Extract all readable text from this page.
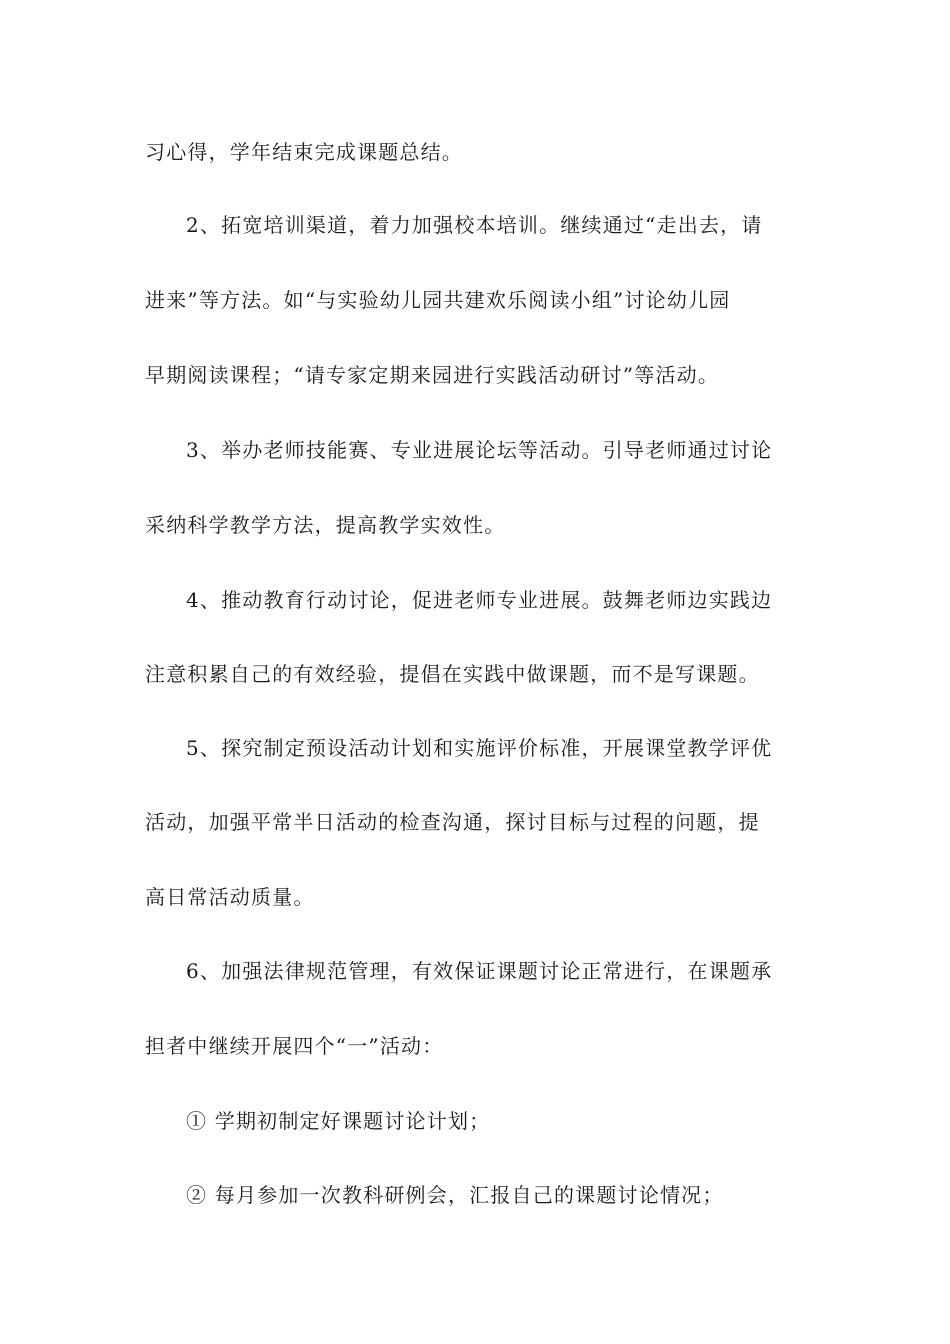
习心得，学年结束完成课题总结。

2、拓宽培训渠道，着力加强校本培训。继续通过“走出去，请

进来”等方法。如“与实验幼儿园共建欢乐阅读小组”讨论幼儿园

早期阅读课程；“请专家定期来园进行实践活动研讨”等活动。

3、举办老师技能赛、专业进展论坛等活动。引导老师通过讨论

采纳科学教学方法，提高教学实效性。

4、推动教育行动讨论，促进老师专业进展。鼓舞老师边实践边

注意积累自己的有效经验，提倡在实践中做课题，而不是写课题。

5、探究制定预设活动计划和实施评价标准，开展课堂教学评优

活动，加强平常半日活动的检查沟通，探讨目标与过程的问题，提

高日常活动质量。

6、加强法律规范管理，有效保证课题讨论正常进行，在课题承

担者中继续开展四个“一”活动：

① 学期初制定好课题讨论计划；

② 每月参加一次教科研例会，汇报自己的课题讨论情况；
